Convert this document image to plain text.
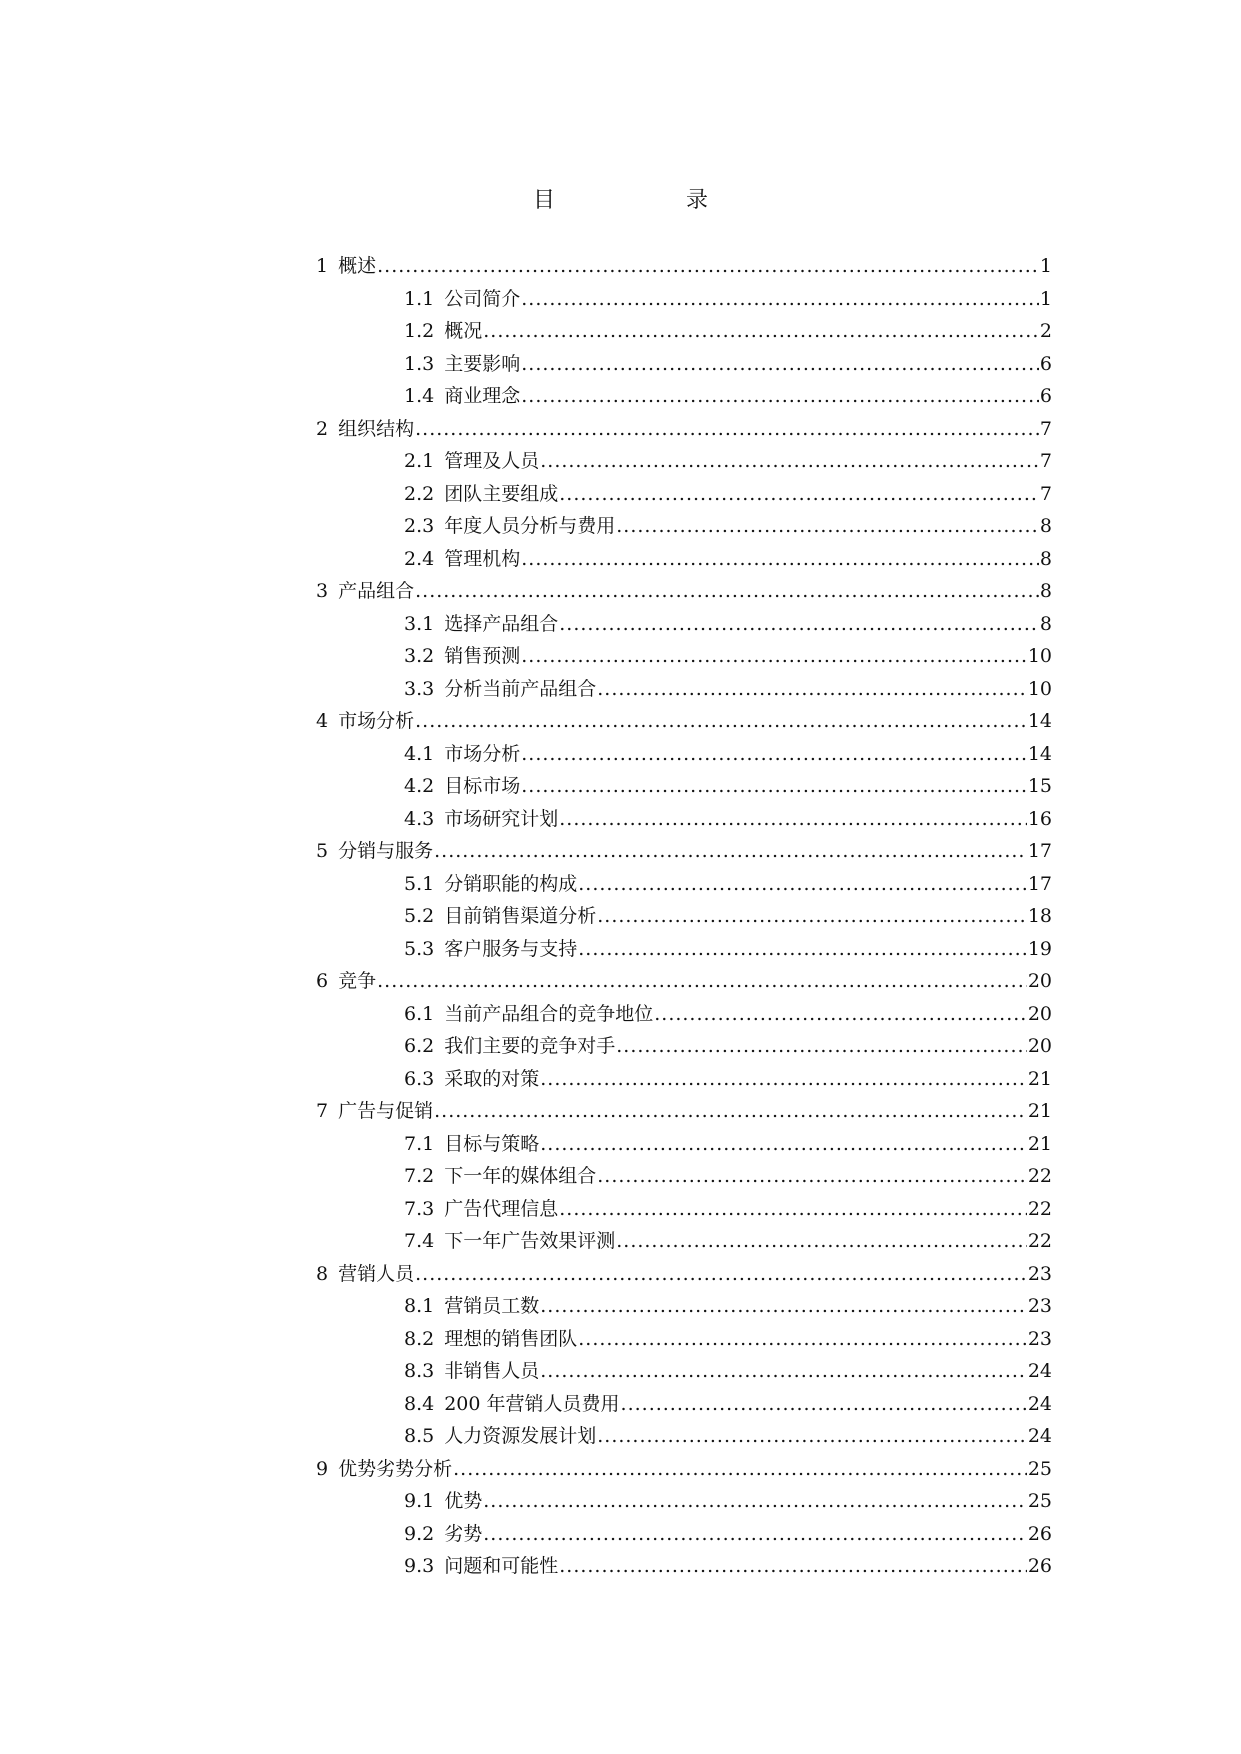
目 录
1 概述 .....	1
1.1 公司简介 .....	1
1.2 概况 .....	2
1.3 主要影响 .....	6
1.4 商业理念 .....	6
2 组织结构 .....	7
2.1 管理及人员 .....	7
2.2 团队主要组成 .....	7
2.3 年度人员分析与费用 .....	8
2.4 管理机构 .....	8
3 产品组合 .....	8
3.1 选择产品组合 .....	8
3.2 销售预测 .....	10
3.3 分析当前产品组合 .....	10
4 市场分析 .....	14
4.1 市场分析 .....	14
4.2 目标市场 .....	15
4.3 市场研究计划 .....	16
5 分销与服务 .....	17
5.1 分销职能的构成 .....	17
5.2 目前销售渠道分析 .....	18
5.3 客户服务与支持 .....	19
6 竞争 .....	20
6.1 当前产品组合的竞争地位 .....	20
6.2 我们主要的竞争对手 .....	20
6.3 采取的对策 .....	21
7 广告与促销 .....	21
7.1 目标与策略 .....	21
7.2 下一年的媒体组合 .....	22
7.3 广告代理信息 .....	22
7.4 下一年广告效果评测 .....	22
8 营销人员 .....	23
8.1 营销员工数 .....	23
8.2 理想的销售团队 .....	23
8.3 非销售人员 .....	24
8.4 200 年营销人员费用 .....	24
8.5 人力资源发展计划 .....	24
9 优势劣势分析 .....	25
9.1 优势 .....	25
9.2 劣势 .....	26
9.3 问题和可能性 .....	26
